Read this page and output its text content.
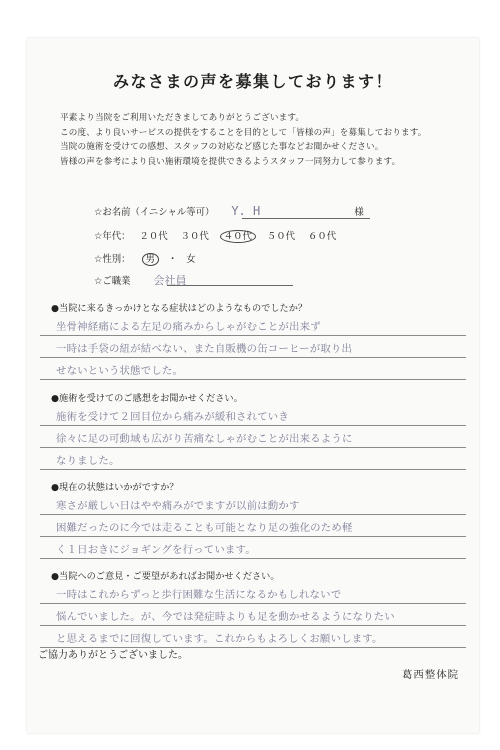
みなさまの声を募集しております！
平素より当院をご利用いただきましてありがとうございます。
この度、より良いサービスの提供をすることを目的として「皆様の声」を募集しております。
当院の施術を受けての感想、スタッフの対応など感じた事などお聞かせください。
皆様の声を参考により良い施術環境を提供できるようスタッフ一同努力して参ります。
☆お名前（イニシャル等可） Y. H	様
☆年代： ２０代 ３０代 ４０代 ５０代 ６０代
☆性別： 男 ・ 女
☆ご職業 会社員
●当院に来るきっかけとなる症状はどのようなものでしたか？
坐骨神経痛による左足の痛みからしゃがむことが出来ず
一時は手袋の紐が結べない、また自販機の缶コーヒーが取り出
せないという状態でした。
●施術を受けてのご感想をお聞かせください。
施術を受けて２回目位から痛みが緩和されていき
徐々に足の可動域も広がり苦痛なしゃがむことが出来るように
なりました。
●現在の状態はいかがですか？
寒さが厳しい日はやや痛みがでますが以前は動かす
困難だったのに今では走ることも可能となり足の強化のため軽
く１日おきにジョギングを行っています。
●当院へのご意見・ご要望があればお聞かせください。
一時はこれからずっと歩行困難な生活になるかもしれないで
悩んでいました。が、今では発症時よりも足を動かせるようになりたい
と思えるまでに回復しています。これからもよろしくお願いします。
ご協力ありがとうございました。
葛西整体院
